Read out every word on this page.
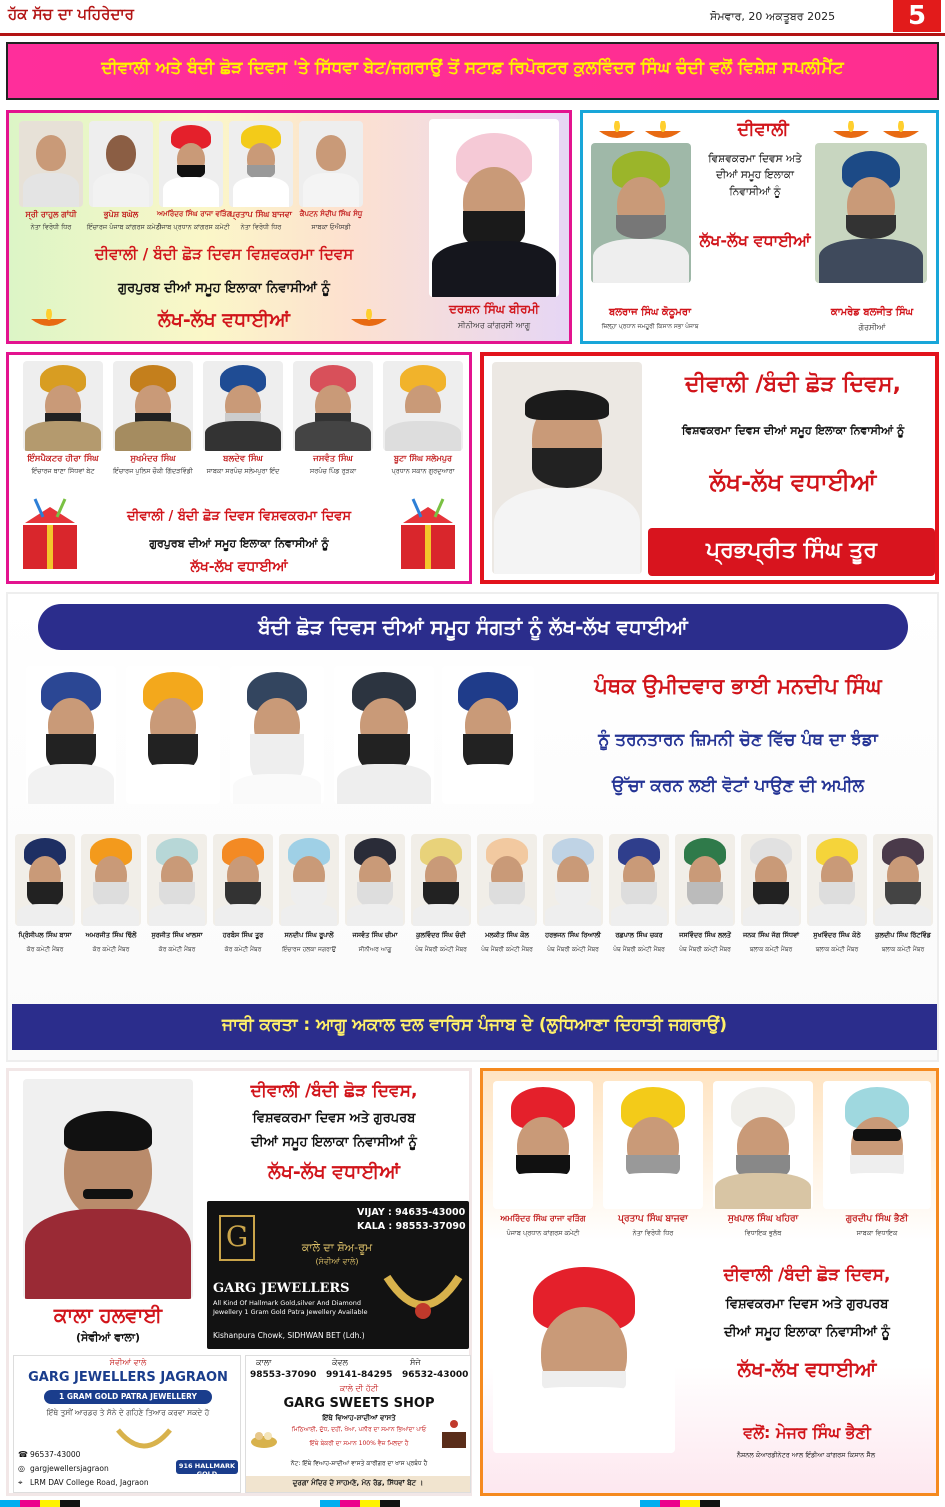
ਹੱਕ ਸੱਚ ਦਾ ਪਹਿਰੇਦਾਰ	ਸੋਮਵਾਰ, 20 ਅਕਤੂਬਰ 2025	5
ਦੀਵਾਲੀ ਅਤੇ ਬੰਦੀ ਛੋੜ ਦਿਵਸ 'ਤੇ ਸਿੱਧਵਾ ਬੇਟ/ਜਗਰਾਉਂ ਤੋਂ ਸਟਾਫ਼ ਰਿਪੋਰਟਰ ਕੁਲਵਿੰਦਰ ਸਿੰਘ ਚੰਦੀ ਵਲੋਂ ਵਿਸ਼ੇਸ਼ ਸਪਲੀਮੈਂਟ
ਸ੍ਰੀ ਰਾਹੁਲ ਗਾਂਧੀ
ਨੇਤਾ ਵਿਰੋਧੀ ਧਿਰ
ਭੁਪੇਸ਼ ਬਘੇਲ
ਇੰਚਾਰਜ ਪੰਜਾਬ ਕਾਂਗਰਸ ਕਮੇਟੀ
ਅਮਰਿੰਦਰ ਸਿੰਘ ਰਾਜਾ ਵੜਿੰਗ
ਪੰਜਾਬ ਪ੍ਰਧਾਨ ਕਾਂਗਰਸ ਕਮੇਟੀ
ਪ੍ਰਤਾਪ ਸਿੰਘ ਬਾਜਵਾ
ਨੇਤਾ ਵਿਰੋਧੀ ਧਿਰ
ਕੈਪਟਨ ਸੰਦੀਪ ਸਿੰਘ ਸੰਧੂ
ਸਾਬਕਾ ਓਐਸਡੀ
ਦੀਵਾਲੀ / ਬੰਦੀ ਛੋੜ ਦਿਵਸ ਵਿਸ਼ਵਕਰਮਾ ਦਿਵਸ
ਗੁਰਪੁਰਬ ਦੀਆਂ ਸਮੂਹ ਇਲਾਕਾ ਨਿਵਾਸੀਆਂ ਨੂੰ
ਲੱਖ-ਲੱਖ ਵਧਾਈਆਂ	ਦਰਸ਼ਨ ਸਿੰਘ ਬੀਰਮੀ
ਸੀਨੀਅਰ ਕਾਂਗਰਸੀ ਆਗੂ
ਦੀਵਾਲੀ
ਵਿਸ਼ਵਕਰਮਾ ਦਿਵਸ ਅਤੇ ਦੀਆਂ ਸਮੂਹ ਇਲਾਕਾ ਨਿਵਾਸੀਆਂ ਨੂੰ
ਲੱਖ-ਲੱਖ ਵਧਾਈਆਂ
ਬਲਰਾਜ ਸਿੰਘ ਕੋਠੂਮਰਾ
ਜ਼ਿਲ੍ਹਾ ਪ੍ਰਧਾਨ ਜਮਹੂਰੀ ਕਿਸਾਨ ਸਭਾ ਪੰਜਾਬ
ਕਾਮਰੇਡ ਬਲਜੀਤ ਸਿੰਘ
ਗੋਰਸੀਆਂ
ਇੰਸਪੈਕਟਰ ਹੀਰਾ ਸਿੰਘ
ਇੰਚਾਰਜ ਥਾਣਾ ਸਿੱਧਵਾਂ ਬੇਟ
ਸੁਖਮੰਦਰ ਸਿੰਘ
ਇੰਚਾਰਜ ਪੁਲਿਸ ਚੌਕੀ ਗਿੱਦੜਵਿੰਡੀ
ਬਲਦੇਵ ਸਿੰਘ
ਸਾਬਕਾ ਸਰਪੰਚ ਸਲੇਮਪੁਰਾ ਇੰਦ
ਜਸਵੰਤ ਸਿੰਘ
ਸਰਪੰਚ ਪਿੰਡ ਰੁੜਕਾ
ਬੂਟਾ ਸਿੰਘ ਸਲੇਮਪੁਰ
ਪ੍ਰਧਾਨ ਸਕਾਨ ਗੁਰਦੁਆਰਾ
ਦੀਵਾਲੀ / ਬੰਦੀ ਛੋੜ ਦਿਵਸ ਵਿਸ਼ਵਕਰਮਾ ਦਿਵਸ
ਗੁਰਪੁਰਬ ਦੀਆਂ ਸਮੂਹ ਇਲਾਕਾ ਨਿਵਾਸੀਆਂ ਨੂੰ
ਲੱਖ-ਲੱਖ ਵਧਾਈਆਂ
ਦੀਵਾਲੀ /ਬੰਦੀ ਛੋੜ ਦਿਵਸ,
ਵਿਸ਼ਵਕਰਮਾ ਦਿਵਸ ਦੀਆਂ ਸਮੂਹ ਇਲਾਕਾ ਨਿਵਾਸੀਆਂ ਨੂੰ
ਲੱਖ-ਲੱਖ ਵਧਾਈਆਂ
ਪ੍ਰਭਪ੍ਰੀਤ ਸਿੰਘ ਤੂਰ
ਬੰਦੀ ਛੋੜ ਦਿਵਸ ਦੀਆਂ ਸਮੂਹ ਸੰਗਤਾਂ ਨੂੰ ਲੱਖ-ਲੱਖ ਵਧਾਈਆਂ
ਪੰਥਕ ਉਮੀਦਵਾਰ ਭਾਈ ਮਨਦੀਪ ਸਿੰਘ
ਨੂੰ ਤਰਨਤਾਰਨ ਜ਼ਿਮਨੀ ਚੋਣ ਵਿੱਚ ਪੰਥ ਦਾ ਝੰਡਾ
ਉੱਚਾ ਕਰਨ ਲਈ ਵੋਟਾਂ ਪਾਉਣ ਦੀ ਅਪੀਲ
ਪ੍ਰਿੰਸੀਪਲ ਸਿੰਘ ਬਾਸਾ
ਕੋਰ ਕਮੇਟੀ ਮੈਂਬਰ
ਅਮਰਜੀਤ ਸਿੰਘ ਢਿੱਲੋਂ
ਕੋਰ ਕਮੇਟੀ ਮੈਂਬਰ
ਸੁਰਜੀਤ ਸਿੰਘ ਖਾਲਸਾ
ਕੋਰ ਕਮੇਟੀ ਮੈਂਬਰ
ਹਰਬੰਸ ਸਿੰਘ ਤੂਰ
ਕੋਰ ਕਮੇਟੀ ਮੈਂਬਰ
ਸਨਦੀਪ ਸਿੰਘ ਰੂਪਾਲੋਂ
ਇੰਚਾਰਜ ਹਲਕਾ ਜਗਰਾਉਂ
ਜਸਵੰਤ ਸਿੰਘ ਚੀਮਾ
ਸੀਨੀਅਰ ਆਗੂ
ਕੁਲਵਿੰਦਰ ਸਿੰਘ ਚੰਦੀ
ਪੰਥ ਮੈਂਬਰੀ ਕਮੇਟੀ ਮੈਂਬਰ
ਮਲਕੀਤ ਸਿੰਘ ਕੋਲ
ਪੰਥ ਮੈਂਬਰੀ ਕਮੇਟੀ ਮੈਂਬਰ
ਹਰਭਜਨ ਸਿੰਘ ਰਿਆਲੀ
ਪੰਥ ਮੈਂਬਰੀ ਕਮੇਟੀ ਮੈਂਬਰ
ਰਛਪਾਲ ਸਿੰਘ ਚਕਰ
ਪੰਥ ਮੈਂਬਰੀ ਕਮੇਟੀ ਮੈਂਬਰ
ਜਸਵਿੰਦਰ ਸਿੰਘ ਲਲਤੋਂ
ਪੰਥ ਮੈਂਬਰੀ ਕਮੇਟੀ ਮੈਂਬਰ
ਜਨਕ ਸਿੰਘ ਜੱਗ ਸਿੱਧਵਾਂ
ਬਲਾਕ ਕਮੇਟੀ ਮੈਂਬਰ
ਸੁਖਵਿੰਦਰ ਸਿੰਘ ਕੋਠੇ
ਬਲਾਕ ਕਮੇਟੀ ਮੈਂਬਰ
ਕੁਲਦੀਪ ਸਿੰਘ ਰਿੱਟਵਿੰਡ
ਬਲਾਕ ਕਮੇਟੀ ਮੈਂਬਰ
ਜਾਰੀ ਕਰਤਾ : ਆਗੂ ਅਕਾਲ ਦਲ ਵਾਰਿਸ ਪੰਜਾਬ ਦੇ (ਲੁਧਿਆਣਾ ਦਿਹਾਤੀ ਜਗਰਾਉਂ)
ਦੀਵਾਲੀ /ਬੰਦੀ ਛੋੜ ਦਿਵਸ,
ਵਿਸ਼ਵਕਰਮਾ ਦਿਵਸ ਅਤੇ ਗੁਰਪਰਬ
ਦੀਆਂ ਸਮੂਹ ਇਲਾਕਾ ਨਿਵਾਸੀਆਂ ਨੂੰ
ਲੱਖ-ਲੱਖ ਵਧਾਈਆਂ
ਕਾਲਾ ਹਲਵਾਈ
(ਸੇਵੀਆਂ ਵਾਲਾ)
G
VIJAY : 94635-43000
KALA : 98553-37090
ਕਾਲੇ ਦਾ ਸ਼ੋਅ-ਰੂਮ
(ਸੇਵੀਆਂ ਵਾਲੇ)
GARG JEWELLERS
All Kind Of Hallmark Gold,silver And Diamond Jewellery 1 Gram Gold Patra Jewellery Available
Kishanpura Chowk, SIDHWAN BET (Ldh.)
ਸੇਵੀਆਂ ਵਾਲੇ
GARG JEWELLERS JAGRAON
1 GRAM GOLD PATRA JEWELLERY
ਇੱਥੇ ਤੁਸੀਂ ਆਰਡਰ ਤੇ ਸੋਨੇ ਦੇ ਗਹਿਣੇ ਤਿਆਰ ਕਰਵਾ ਸਕਦੇ ਹੋ
☎ 96537-43000
◎ gargjewellersjagraon
⌖ LRM DAV College Road, Jagraon
916 HALLMARK GOLD
ਕਾਲਾ
98553-37090
ਕੇਵਲ
99141-84295
ਸੰਜੇ
96532-43000
ਕਾਲੇ ਦੀ ਹੱਟੀ
GARG SWEETS SHOP
ਇੱਥੇ ਵਿਆਹ-ਸ਼ਾਦੀਆਂ ਵਾਸਤੇ
ਮਿਠਿਆਈ, ਦੁੱਧ, ਦਹੀਂ, ਖੋਆ, ਪਨੀਰ ਦਾ ਸਮਾਨ ਭਿਆਂਦਾ ਪਾਓ
ਇੱਥੇ ਬੇਕਰੀ ਦਾ ਸਮਾਨ 100% ਵੈਜ਼ ਮਿਲਦਾ ਹੈ
ਨੋਟ: ਇੱਥੇ ਵਿਆਹ-ਸ਼ਾਦੀਆਂ ਵਾਸਤੇ ਕਾਰੀਗਰ ਦਾ ਖਾਸ ਪ੍ਰਬੰਧ ਹੈ
ਦੁਰਗਾ ਮੰਦਿਰ ਦੇ ਸਾਹਮਣੇ, ਮੇਨ ਰੋਡ, ਸਿੱਧਵਾਂ ਬੇਟ ।
ਅਮਰਿੰਦਰ ਸਿੰਘ ਰਾਜਾ ਵੜਿੰਗ
ਪੰਜਾਬ ਪ੍ਰਧਾਨ ਕਾਂਗਰਸ ਕਮੇਟੀ
ਪ੍ਰਤਾਪ ਸਿੰਘ ਬਾਜਵਾ
ਨੇਤਾ ਵਿਰੋਧੀ ਧਿਰ
ਸੁਖਪਾਲ ਸਿੰਘ ਖਹਿਰਾ
ਵਿਧਾਇਕ ਭੁਲੱਥ
ਗੁਰਦੀਪ ਸਿੰਘ ਭੈਣੀ
ਸਾਬਕਾ ਵਿਧਾਇਕ
ਦੀਵਾਲੀ /ਬੰਦੀ ਛੋੜ ਦਿਵਸ,
ਵਿਸ਼ਵਕਰਮਾ ਦਿਵਸ ਅਤੇ ਗੁਰਪਰਬ
ਦੀਆਂ ਸਮੂਹ ਇਲਾਕਾ ਨਿਵਾਸੀਆਂ ਨੂੰ
ਲੱਖ-ਲੱਖ ਵਧਾਈਆਂ
ਵਲੋਂ: ਮੇਜਰ ਸਿੰਘ ਭੈਣੀ
ਨੈਸ਼ਨਲ ਕੋਆਰਡੀਨੇਟਰ ਆਲ ਇੰਡੀਆ ਕਾਂਗਰਸ ਕਿਸਾਨ ਸੈੱਲ
